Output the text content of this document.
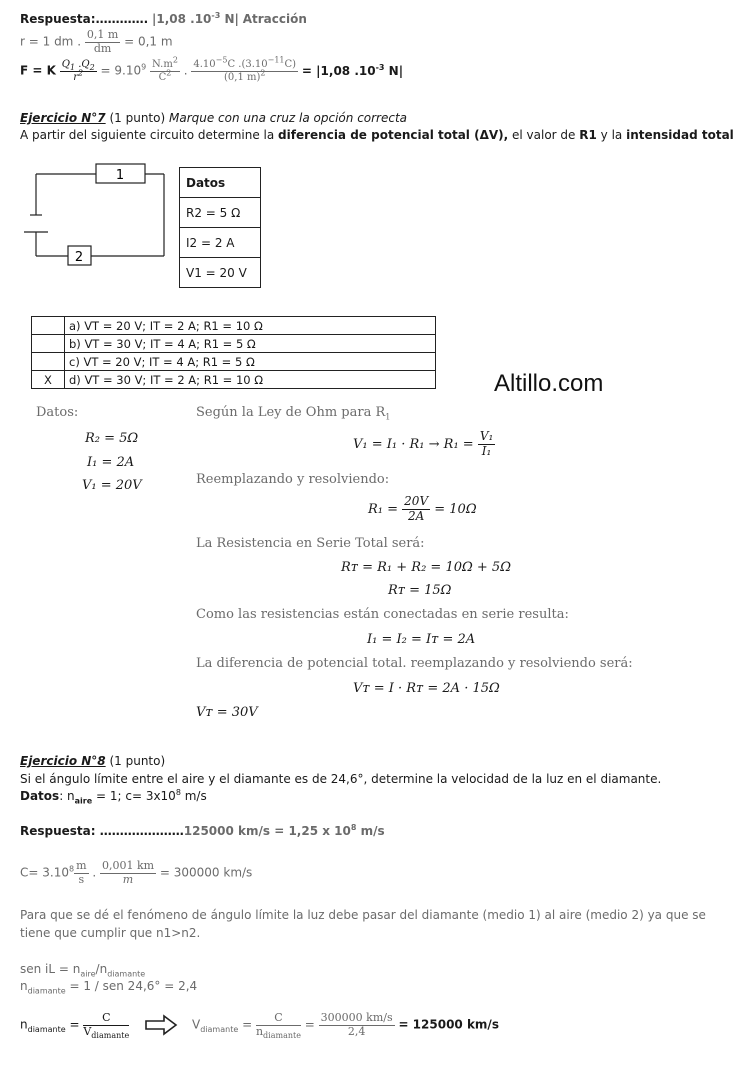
Respuesta:…………. |1,08 $.10^{-3}$ N| Atracción
r = 1 dm . $\frac{0,1 m}{dm} = 0,1$ m
F = K $\frac{Q_1 .Q_2}{r^2} = 9.10^9 \frac{N.m^2}{C^2}$ . $\frac{4.10^{-5}C .(3.10^{-11}C)}{(0,1 m)^2} = |1,08$ $.10^{-3}$ N|
Ejercicio N°7 (1 punto) Marque con una cruz la opción correcta
A partir del siguiente circuito determine la diferencia de potencial total (ΔV), el valor de R1 y la intensidad total
1
2
Datos
R2 = 5 Ω
I2 = 2 A
V1 = 20 V
	a) VT = 20 V; IT = 2 A; R1 = 10 Ω
	b) VT = 30 V; IT = 4 A; R1 = 5 Ω
	c) VT = 20 V; IT = 4 A; R1 = 5 Ω
X	d) VT = 30 V; IT = 2 A; R1 = 10 Ω	Altillo.com
Datos:
R₂ = 5Ω
I₁ = 2A
V₁ = 20V
Según la Ley de Ohm para $R_1$
$V_1 = I_1 \cdot R_1 \to R_1 = \frac{\text{V₁}}{\text{I₁}}$
Reemplazando y resolviendo:
$R_1 = \frac{20V}{2A} = 10\Omega$
La Resistencia en Serie Total será:
Rᴛ = R₁ + R₂ = 10Ω + 5Ω
Rᴛ = 15Ω
Como las resistencias están conectadas en serie resulta:
I₁ = I₂ = Iᴛ = 2A
La diferencia de potencial total. reemplazando y resolviendo será:
Vᴛ = I · Rᴛ = 2A · 15Ω
Vᴛ = 30V
Ejercicio N°8 (1 punto)
Si el ángulo límite entre el aire y el diamante es de 24,6°, determine la velocidad de la luz en el diamante.
Datos: $n_{aire} = 1$; $c= 3x10^8$ m/s
Respuesta: …………………125000 km/s = 1,25 x $10^8$ m/s
$C= 3.10^8 \frac{m}{s}$ . $\frac{0,001 km}{m} = 300000$ km/s
Para que se dé el fenómeno de ángulo límite la luz debe pasar del diamante (medio 1) al aire (medio 2) ya que se
tiene que cumplir que n1>n2.
sen iL = $n_{aire}/n_{diamante}$
$n_{diamante} = 1$ / sen 24,6° = 2,4
$n_{diamante} = \frac{C}{V_{diamante}}$	$V_{diamante} = \frac{C}{n_{diamante}} = \frac{300000 km/s}{2,4} = 125000$ km/s
